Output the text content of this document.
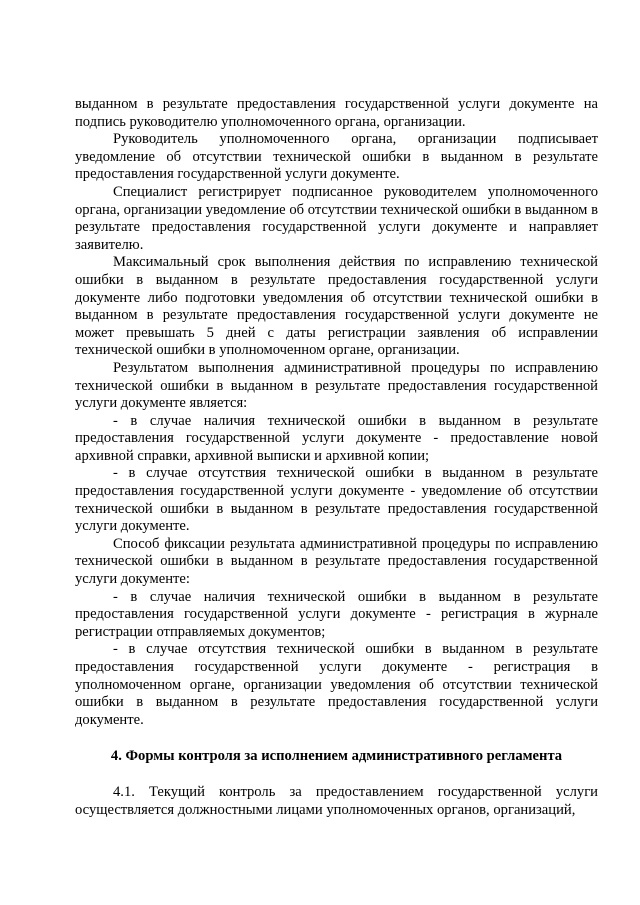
выданном в результате предоставления государственной услуги документе на подпись руководителю уполномоченного органа, организации.

Руководитель уполномоченного органа, организации подписывает уведомление об отсутствии технической ошибки в выданном в результате предоставления государственной услуги документе.

Специалист регистрирует подписанное руководителем уполномоченного органа, организации уведомление об отсутствии технической ошибки в выданном в результате предоставления государственной услуги документе и направляет заявителю.

Максимальный срок выполнения действия по исправлению технической ошибки в выданном в результате предоставления государственной услуги документе либо подготовки уведомления об отсутствии технической ошибки в выданном в результате предоставления государственной услуги документе не может превышать 5 дней с даты регистрации заявления об исправлении технической ошибки в уполномоченном органе, организации.

Результатом выполнения административной процедуры по исправлению технической ошибки в выданном в результате предоставления государственной услуги документе является:

- в случае наличия технической ошибки в выданном в результате предоставления государственной услуги документе - предоставление новой архивной справки, архивной выписки и архивной копии;

- в случае отсутствия технической ошибки в выданном в результате предоставления государственной услуги документе - уведомление об отсутствии технической ошибки в выданном в результате предоставления государственной услуги документе.

Способ фиксации результата административной процедуры по исправлению технической ошибки в выданном в результате предоставления государственной услуги документе:

- в случае наличия технической ошибки в выданном в результате предоставления государственной услуги документе - регистрация в журнале регистрации отправляемых документов;

- в случае отсутствия технической ошибки в выданном в результате предоставления государственной услуги документе - регистрация в уполномоченном органе, организации уведомления об отсутствии технической ошибки в выданном в результате предоставления государственной услуги документе.

4. Формы контроля за исполнением административного регламента

4.1. Текущий контроль за предоставлением государственной услуги осуществляется должностными лицами уполномоченных органов, организаций,
